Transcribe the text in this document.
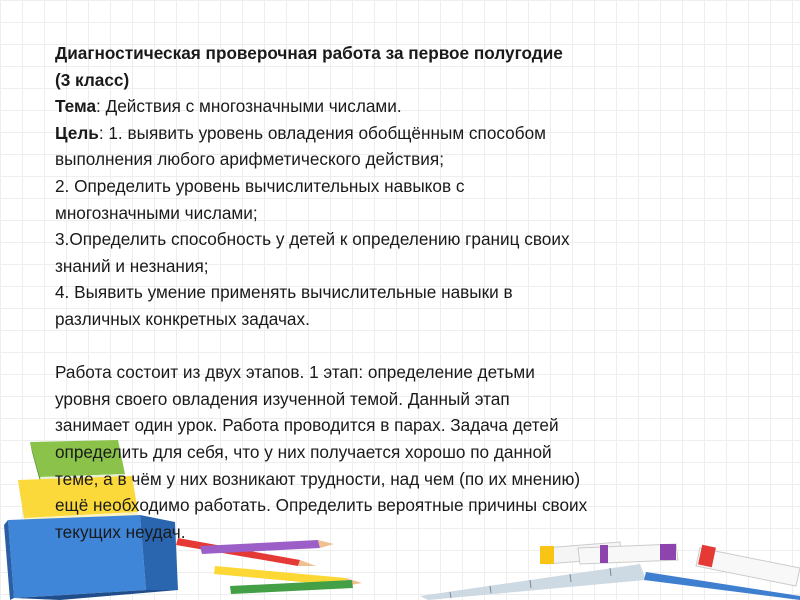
Диагностическая проверочная работа за первое полугодие
(3 класс)
Тема: Действия с многозначными числами.
Цель: 1. выявить уровень овладения обобщённым способом
выполнения любого арифметического действия;
2. Определить уровень вычислительных навыков с
многозначными числами;
3.Определить способность у детей к определению границ своих
знаний и незнания;
4. Выявить умение применять вычислительные навыки в
различных конкретных задачах.
Работа состоит из двух этапов. 1 этап: определение детьми
уровня своего овладения изученной темой. Данный этап
занимает один урок. Работа проводится в парах. Задача детей
определить для себя, что у них получается хорошо по данной
теме, а в чём у них возникают трудности, над чем (по их мнению)
ещё необходимо работать. Определить вероятные причины своих
текущих неудач.
